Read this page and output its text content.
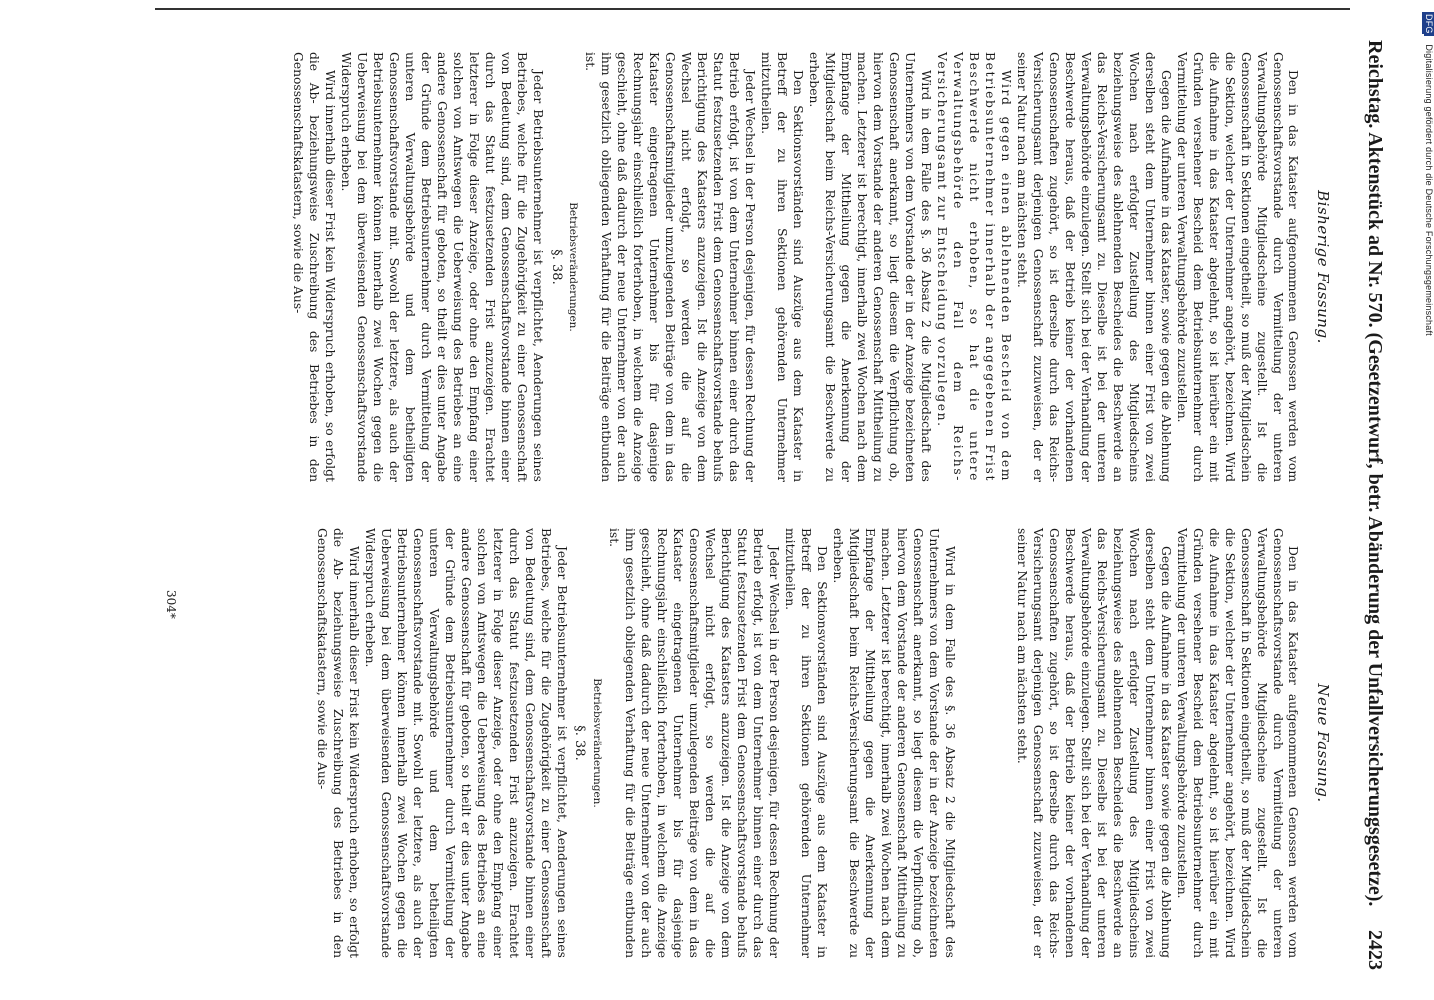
Reichstag. Aktenstück ad Nr. 570. (Gesetzentwurf, betr. Abänderung der Unfallversicherungsgesetze).
2423
Bisherige Fassung.

Den in das Kataster aufgenommenen Genossen werden vom Genossenschaftsvorstande durch Vermittelung der unteren Verwaltungsbehörde Mitgliedscheine zugestellt. Ist die Genossenschaft in Sektionen eingetheilt, so muß der Mitgliedschein die Sektion, welcher der Unternehmer angehört, bezeichnen. Wird die Aufnahme in das Kataster abgelehnt, so ist hierüber ein mit Gründen versehener Bescheid dem Betriebsunternehmer durch Vermittelung der unteren Verwaltungsbehörde zuzustellen.

Gegen die Aufnahme in das Kataster, sowie gegen die Ablehnung derselben steht dem Unternehmer binnen einer Frist von zwei Wochen nach erfolgter Zustellung des Mitgliedscheins beziehungsweise des ablehnenden Bescheides die Beschwerde an das Reichs-Versicherungsamt zu. Dieselbe ist bei der unteren Verwaltungsbehörde einzulegen. Stellt sich bei der Verhandlung der Beschwerde heraus, daß der Betrieb keiner der vorhandenen Genossenschaften zugehört, so ist derselbe durch das Reichs-Versicherungsamt derjenigen Genossenschaft zuzuweisen, der er seiner Natur nach am nächsten steht.

Wird gegen einen ablehnenden Bescheid von dem Betriebsunternehmer innerhalb der angegebenen Frist Beschwerde nicht erhoben, so hat die untere Verwaltungsbehörde den Fall dem Reichs-Versicherungsamt zur Entscheidung vorzulegen.

Wird in dem Falle des §. 36 Absatz 2 die Mitgliedschaft des Unternehmers von dem Vorstande der in der Anzeige bezeichneten Genossenschaft anerkannt, so liegt diesem die Verpflichtung ob, hiervon dem Vorstande der anderen Genossenschaft Mittheilung zu machen. Letzterer ist berechtigt, innerhalb zwei Wochen nach dem Empfange der Mittheilung gegen die Anerkennung der Mitgliedschaft beim Reichs-Versicherungsamt die Beschwerde zu erheben.

Den Sektionsvorständen sind Auszüge aus dem Kataster in Betreff der zu ihren Sektionen gehörenden Unternehmer mitzutheilen.

Jeder Wechsel in der Person desjenigen, für dessen Rechnung der Betrieb erfolgt, ist von dem Unternehmer binnen einer durch das Statut festzusetzenden Frist dem Genossenschaftsvorstande behufs Berichtigung des Katasters anzuzeigen. Ist die Anzeige von dem Wechsel nicht erfolgt, so werden die auf die Genossenschaftsmitglieder umzulegenden Beiträge von dem in das Kataster eingetragenen Unternehmer bis für dasjenige Rechnungsjahr einschließlich forterhoben, in welchem die Anzeige geschieht, ohne daß dadurch der neue Unternehmer von der auch ihm gesetzlich obliegenden Verhaftung für die Beiträge entbunden ist.

Betriebsveränderungen.

§. 38.

Jeder Betriebsunternehmer ist verpflichtet, Aenderungen seines Betriebes, welche für die Zugehörigkeit zu einer Genossenschaft von Bedeutung sind, dem Genossenschaftsvorstande binnen einer durch das Statut festzusetzenden Frist anzuzeigen. Erachtet letzterer in Folge dieser Anzeige, oder ohne den Empfang einer solchen von Amtswegen die Ueberweisung des Betriebes an eine andere Genossenschaft für geboten, so theilt er dies unter Angabe der Gründe dem Betriebsunternehmer durch Vermittelung der unteren Verwaltungsbehörde und dem betheiligten Genossenschaftsvorstande mit. Sowohl der letztere, als auch der Betriebsunternehmer können innerhalb zwei Wochen gegen die Ueberweisung bei dem überweisenden Genossenschaftsvorstande Widerspruch erheben.

Wird innerhalb dieser Frist kein Widerspruch erhoben, so erfolgt die Ab- beziehungsweise Zuschreibung des Betriebes in den Genossenschaftskatastern, sowie die Aus-

Neue Fassung.

Den in das Kataster aufgenommenen Genossen werden vom Genossenschaftsvorstande durch Vermittelung der unteren Verwaltungsbehörde Mitgliedscheine zugestellt. Ist die Genossenschaft in Sektionen eingetheilt, so muß der Mitgliedschein die Sektion, welcher der Unternehmer angehört, bezeichnen. Wird die Aufnahme in das Kataster abgelehnt, so ist hierüber ein mit Gründen versehener Bescheid dem Betriebsunternehmer durch Vermittelung der unteren Verwaltungsbehörde zuzustellen.

Gegen die Aufnahme in das Kataster sowie gegen die Ablehnung derselben steht dem Unternehmer binnen einer Frist von zwei Wochen nach erfolgter Zustellung des Mitgliedscheins beziehungsweise des ablehnenden Bescheides die Beschwerde an das Reichs-Versicherungsamt zu. Dieselbe ist bei der unteren Verwaltungsbehörde einzulegen. Stellt sich bei der Verhandlung der Beschwerde heraus, daß der Betrieb keiner der vorhandenen Genossenschaften zugehört, so ist derselbe durch das Reichs-Versicherungsamt derjenigen Genossenschaft zuzuweisen, der er seiner Natur nach am nächsten steht.

Wird in dem Falle des §. 36 Absatz 2 die Mitgliedschaft des Unternehmers von dem Vorstande der in der Anzeige bezeichneten Genossenschaft anerkannt, so liegt diesem die Verpflichtung ob, hiervon dem Vorstande der anderen Genossenschaft Mittheilung zu machen. Letzterer ist berechtigt, innerhalb zwei Wochen nach dem Empfange der Mittheilung gegen die Anerkennung der Mitgliedschaft beim Reichs-Versicherungsamt die Beschwerde zu erheben.

Den Sektionsvorständen sind Auszüge aus dem Kataster in Betreff der zu ihren Sektionen gehörenden Unternehmer mitzutheilen.

Jeder Wechsel in der Person desjenigen, für dessen Rechnung der Betrieb erfolgt, ist von dem Unternehmer binnen einer durch das Statut festzusetzenden Frist dem Genossenschaftsvorstande behufs Berichtigung des Katasters anzuzeigen. Ist die Anzeige von dem Wechsel nicht erfolgt, so werden die auf die Genossenschaftsmitglieder umzulegenden Beiträge von dem in das Kataster eingetragenen Unternehmer bis für dasjenige Rechnungsjahr einschließlich forterhoben, in welchem die Anzeige geschieht, ohne daß dadurch der neue Unternehmer von der auch ihm gesetzlich obliegenden Verhaftung für die Beiträge entbunden ist.

Betriebsveränderungen.

§. 38.

Jeder Betriebsunternehmer ist verpflichtet, Aenderungen seines Betriebes, welche für die Zugehörigkeit zu einer Genossenschaft von Bedeutung sind, dem Genossenschaftsvorstande binnen einer durch das Statut festzusetzenden Frist anzuzeigen. Erachtet letzterer in Folge dieser Anzeige, oder ohne den Empfang einer solchen von Amtswegen die Ueberweisung des Betriebes an eine andere Genossenschaft für geboten, so theilt er dies unter Angabe der Gründe dem Betriebsunternehmer durch Vermittelung der unteren Verwaltungsbehörde und dem betheiligten Genossenschaftsvorstande mit. Sowohl der letztere, als auch der Betriebsunternehmer können innerhalb zwei Wochen gegen die Ueberweisung bei dem überweisenden Genossenschaftsvorstande Widerspruch erheben.

Wird innerhalb dieser Frist kein Widerspruch erhoben, so erfolgt die Ab- beziehungsweise Zuschreibung des Betriebes in den Genossenschaftskatastern, sowie die Aus-

304*
DFG Digitalisierung gefördert durch die Deutsche Forschungsgemeinschaft
